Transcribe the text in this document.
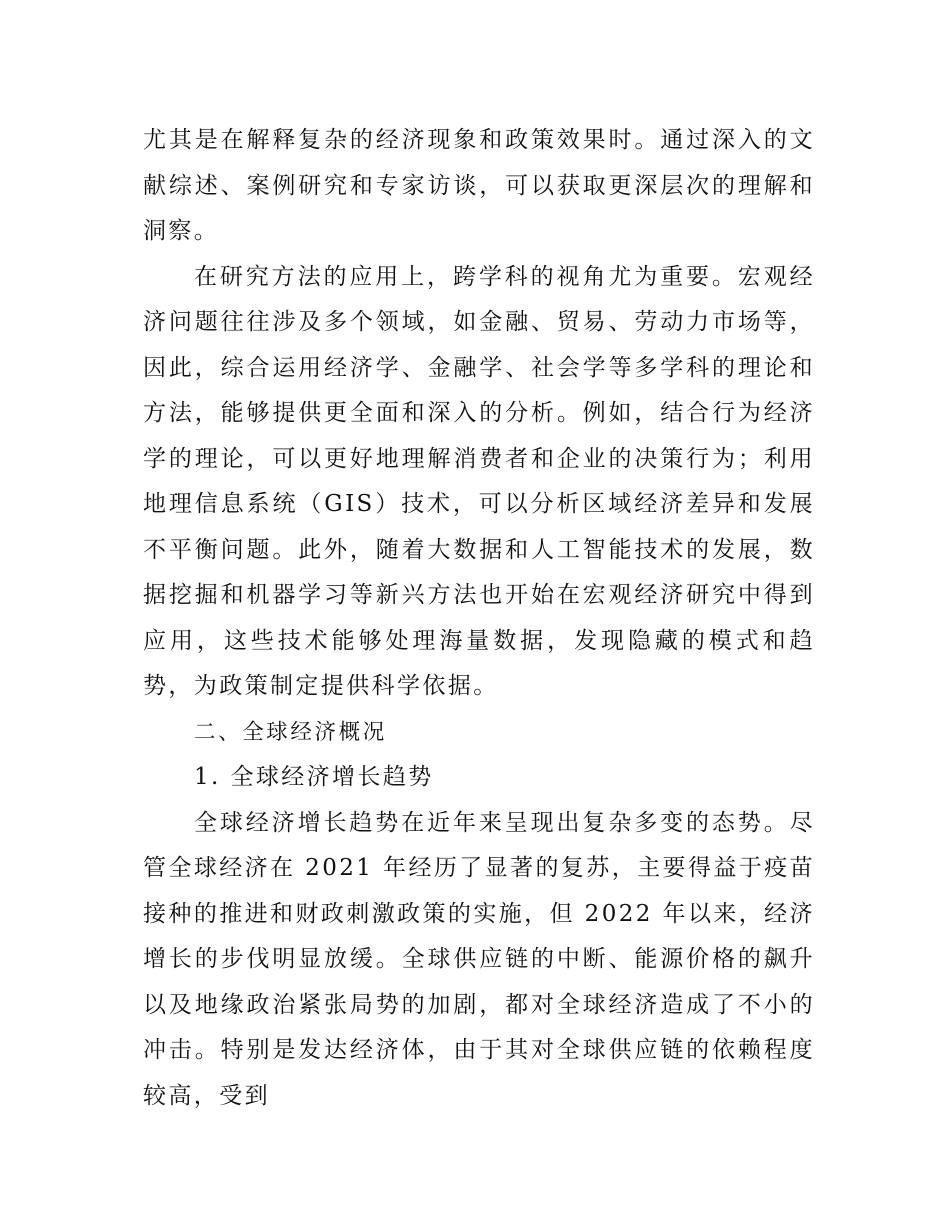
尤其是在解释复杂的经济现象和政策效果时。通过深入的文献综述、案例研究和专家访谈，可以获取更深层次的理解和洞察。

在研究方法的应用上，跨学科的视角尤为重要。宏观经济问题往往涉及多个领域，如金融、贸易、劳动力市场等，因此，综合运用经济学、金融学、社会学等多学科的理论和方法，能够提供更全面和深入的分析。例如，结合行为经济学的理论，可以更好地理解消费者和企业的决策行为；利用地理信息系统（GIS）技术，可以分析区域经济差异和发展不平衡问题。此外，随着大数据和人工智能技术的发展，数据挖掘和机器学习等新兴方法也开始在宏观经济研究中得到应用，这些技术能够处理海量数据，发现隐藏的模式和趋势，为政策制定提供科学依据。

二、全球经济概况

1. 全球经济增长趋势

全球经济增长趋势在近年来呈现出复杂多变的态势。尽管全球经济在 2021 年经历了显著的复苏，主要得益于疫苗接种的推进和财政刺激政策的实施，但 2022 年以来，经济增长的步伐明显放缓。全球供应链的中断、能源价格的飙升以及地缘政治紧张局势的加剧，都对全球经济造成了不小的冲击。特别是发达经济体，由于其对全球供应链的依赖程度较高，受到
